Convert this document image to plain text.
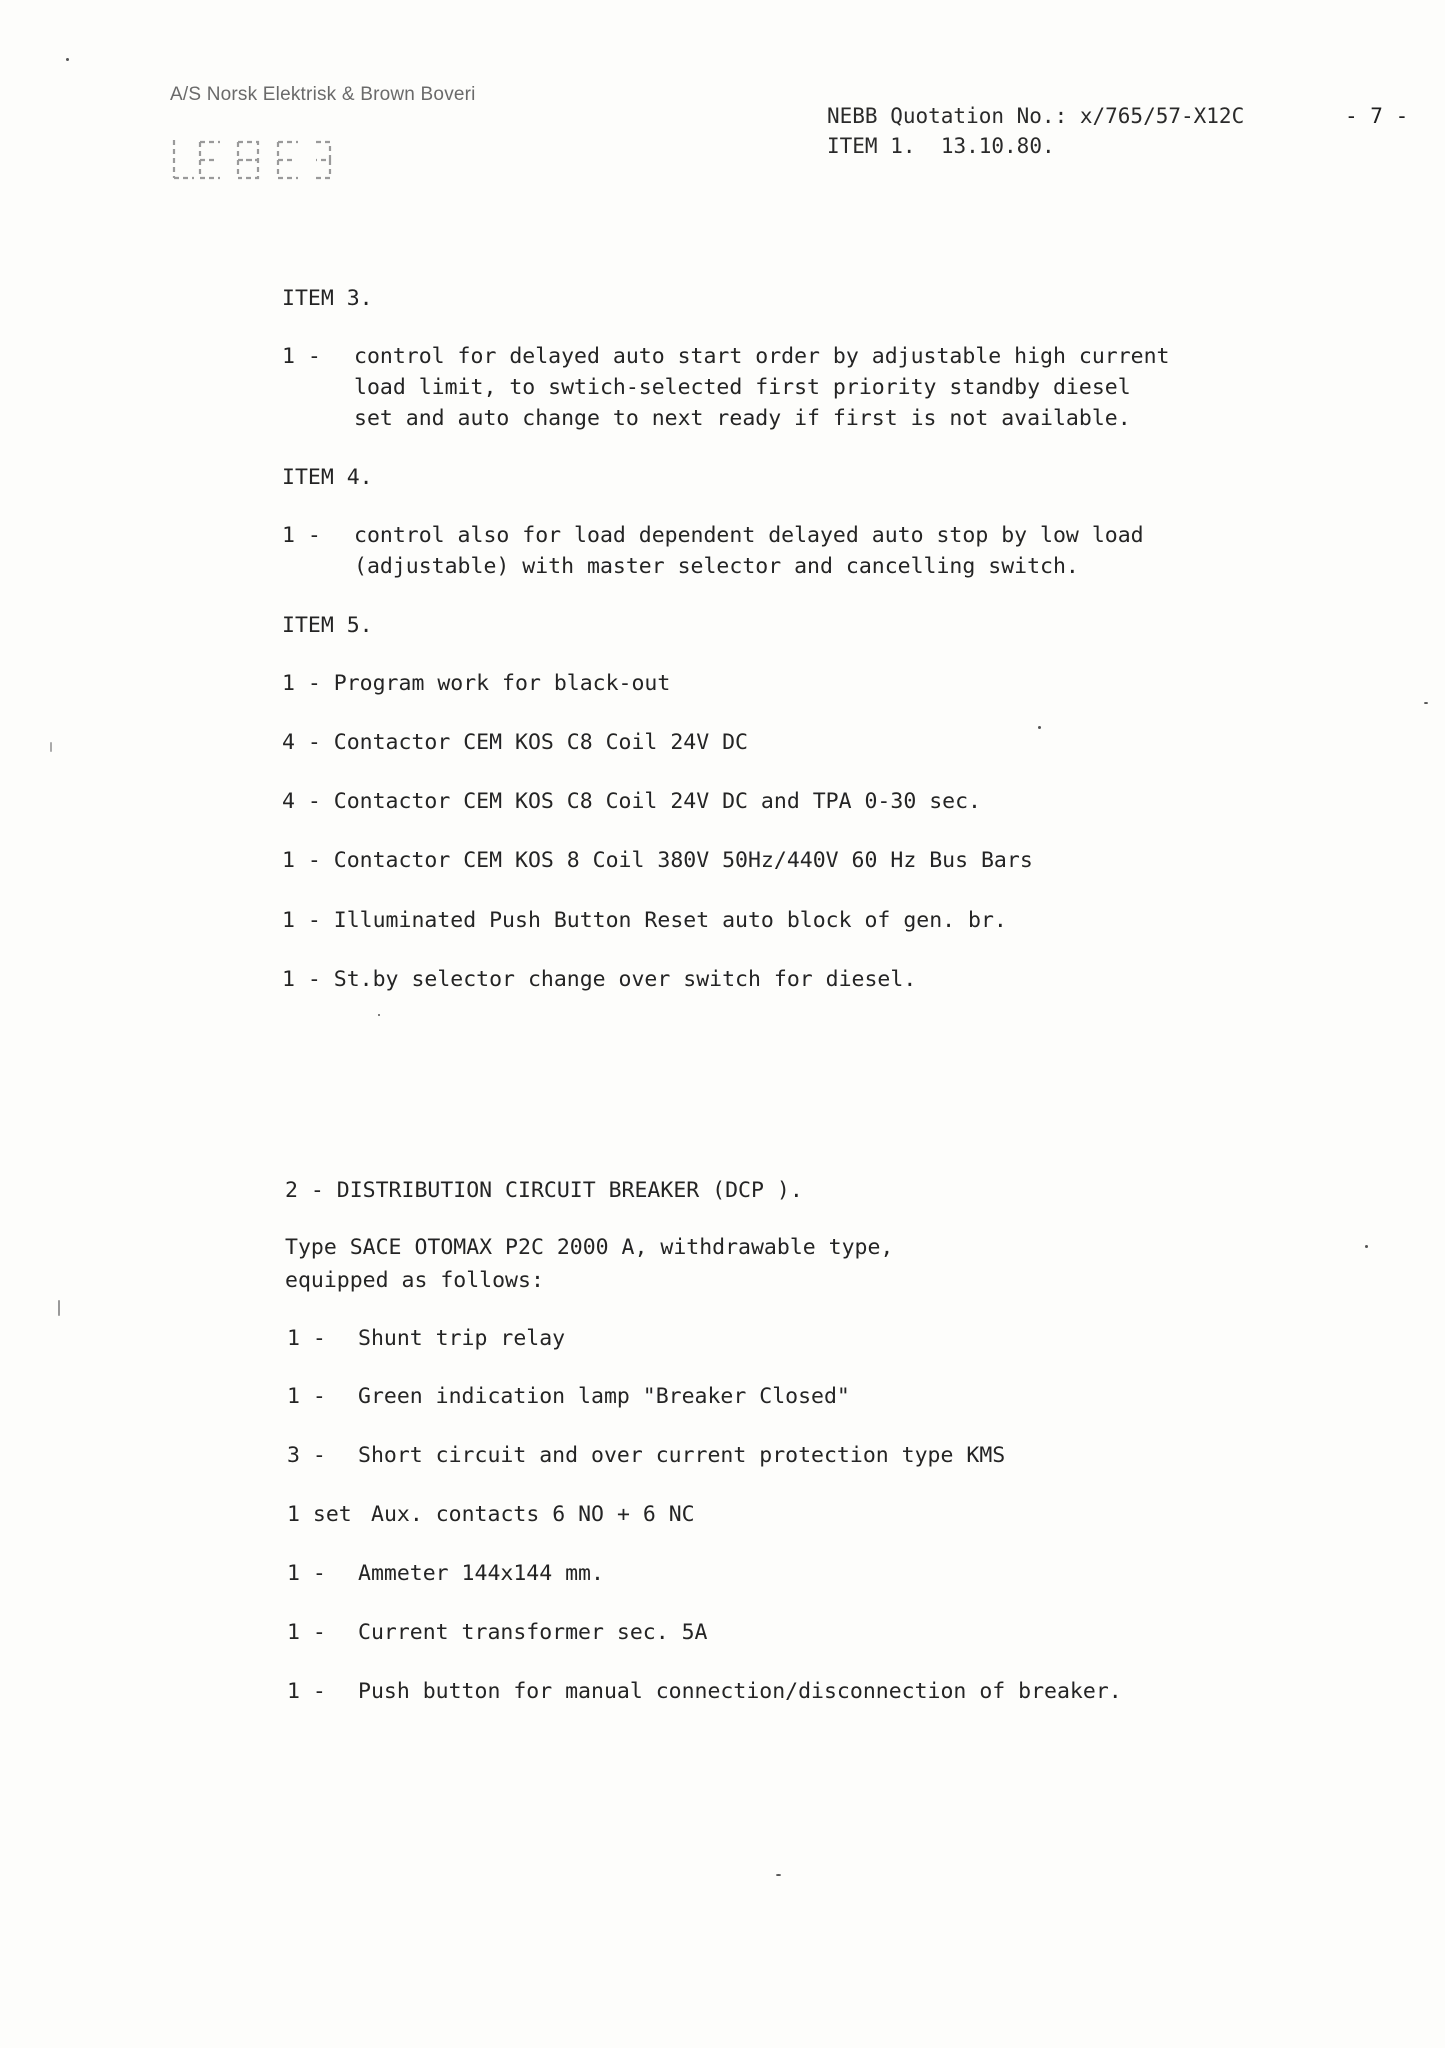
A/S Norsk Elektrisk & Brown Boveri
NEBB Quotation No.: x/765/57-X12C	- 7 -
ITEM 1. 13.10.80.
ITEM 3.
1 - control for delayed auto start order by adjustable high current
load limit, to swtich-selected first priority standby diesel
set and auto change to next ready if first is not available.
ITEM 4.
1 - control also for load dependent delayed auto stop by low load
(adjustable) with master selector and cancelling switch.
ITEM 5.
1 - Program work for black-out
4 - Contactor CEM KOS C8 Coil 24V DC
4 - Contactor CEM KOS C8 Coil 24V DC and TPA 0-30 sec.
1 - Contactor CEM KOS 8 Coil 380V 50Hz/440V 60 Hz Bus Bars
1 - Illuminated Push Button Reset auto block of gen. br.
1 - St.by selector change over switch for diesel.
2 - DISTRIBUTION CIRCUIT BREAKER (DCP ).
Type SACE OTOMAX P2C 2000 A, withdrawable type,
equipped as follows:
1 - Shunt trip relay
1 - Green indication lamp "Breaker Closed"
3 - Short circuit and over current protection type KMS
1 set Aux. contacts 6 NO + 6 NC
1 - Ammeter 144x144 mm.
1 - Current transformer sec. 5A
1 - Push button for manual connection/disconnection of breaker.
